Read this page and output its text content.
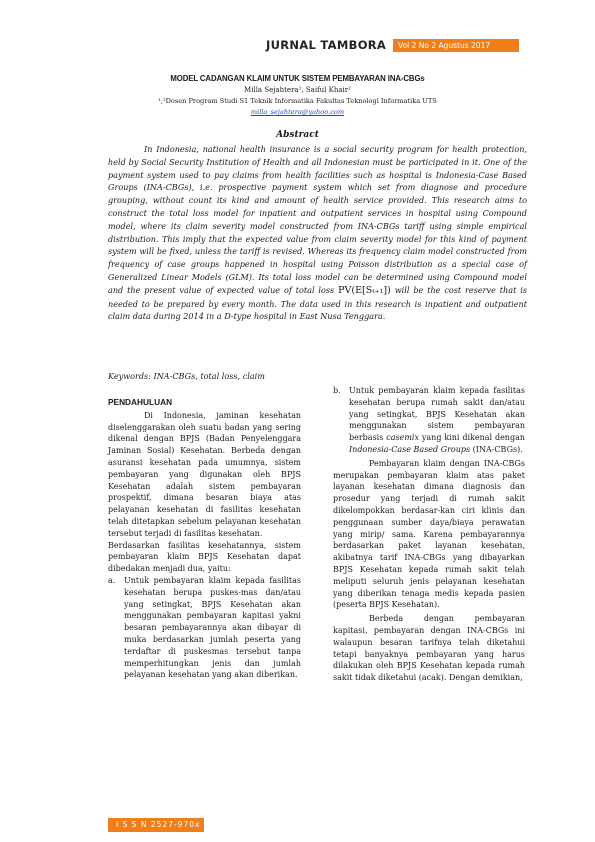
JURNAL TAMBORA	Vol 2 No 2 Agustus 2017
MODEL CADANGAN KLAIM UNTUK SISTEM PEMBAYARAN INA-CBGs
Milla Sejahtera¹, Saiful Khair²
¹,²Dosen Program Studi S1 Teknik Informatika Fakultas Teknologi Informatika UTS
milla_sejahtera@yahoo.com
Abstract
In Indonesia, national health insurance is a social security program for health protection, held by Social Security Institution of Health and all Indonesian must be participated in it. One of the payment system used to pay claims from health facilities such as hospital is Indonesia-Case Based Groups (INA-CBGs), i.e. prospective payment system which set from diagnose and procedure grouping, without count its kind and amount of health service provided. This research aims to construct the total loss model for inpatient and outpatient services in hospital using Compound model, where its claim severity model constructed from INA-CBGs tariff using simple empirical distribution. This imply that the expected value from claim severity model for this kind of payment system will be fixed, unless the tariff is revised. Whereas its frequency claim model constructed from frequency of case groups happened in hospital using Poisson distribution as a special case of Generalized Linear Models (GLM). Its total loss model can be determined using Compound model and the present value of expected value of total loss PV(E[Sₜ₊₁]) will be the cost reserve that is needed to be prepared by every month. The data used in this research is inpatient and outpatient claim data during 2014 in a D-type hospital in East Nusa Tenggara.
Keywords: INA-CBGs, total loss, claim
PENDAHULUAN
Di Indonesia, jaminan kesehatan diselenggarakan oleh suatu badan yang sering dikenal dengan BPJS (Badan Penyelenggara Jaminan Sosial) Kesehatan. Berbeda dengan asuransi kesehatan pada umumnya, sistem pembayaran yang digunakan oleh BPJS Kesehatan adalah sistem pembayaran prospektif, dimana besaran biaya atas pelayanan kesehatan di fasilitas kesehatan telah ditetapkan sebelum pelayanan kesehatan tersebut terjadi di fasilitas kesehatan.
Berdasarkan fasilitas kesehatannya, sistem pembayaran klaim BPJS Kesehatan dapat dibedakan menjadi dua, yaitu:
a.	Untuk pembayaran klaim kepada fasilitas kesehatan berupa puskes-mas dan/atau yang setingkat, BPJS Kesehatan akan menggunakan pembayaran kapitasi yakni besaran pembayarannya akan dibayar di muka berdasarkan jumlah peserta yang terdaftar di puskesmas tersebut tanpa memperhitungkan jenis dan jumlah pelayanan kesehatan yang akan diberikan.
b.	Untuk pembayaran klaim kepada fasilitas kesehatan berupa rumah sakit dan/atau yang setingkat, BPJS Kesehatan akan menggunakan sistem pembayaran berbasis casemix yang kini dikenal dengan Indonesia-Case Based Groups (INA-CBGs).
Pembayaran klaim dengan INA-CBGs merupakan pembayaran klaim atas paket layanan kesehatan dimana diagnosis dan prosedur yang terjadi di rumah sakit dikelompokkan berdasar-kan ciri klinis dan penggunaan sumber daya/biaya perawatan yang mirip/ sama. Karena pembayarannya berdasarkan paket layanan kesehatan, akibatnya tarif INA-CBGs yang dibayarkan BPJS Kesehatan kepada rumah sakit telah meliputi seluruh jenis pelayanan kesehatan yang diberikan tenaga medis kepada pasien (peserta BPJS Kesehatan).
Berbeda dengan pembayaran kapitasi, pembayaran dengan INA-CBGs ini walaupun besaran tarifnya telah diketahui tetapi banyaknya pembayaran yang harus dilakukan oleh BPJS Kesehatan kepada rumah sakit tidak diketahui (acak). Dengan demikian,
I S S N 2527-970x
